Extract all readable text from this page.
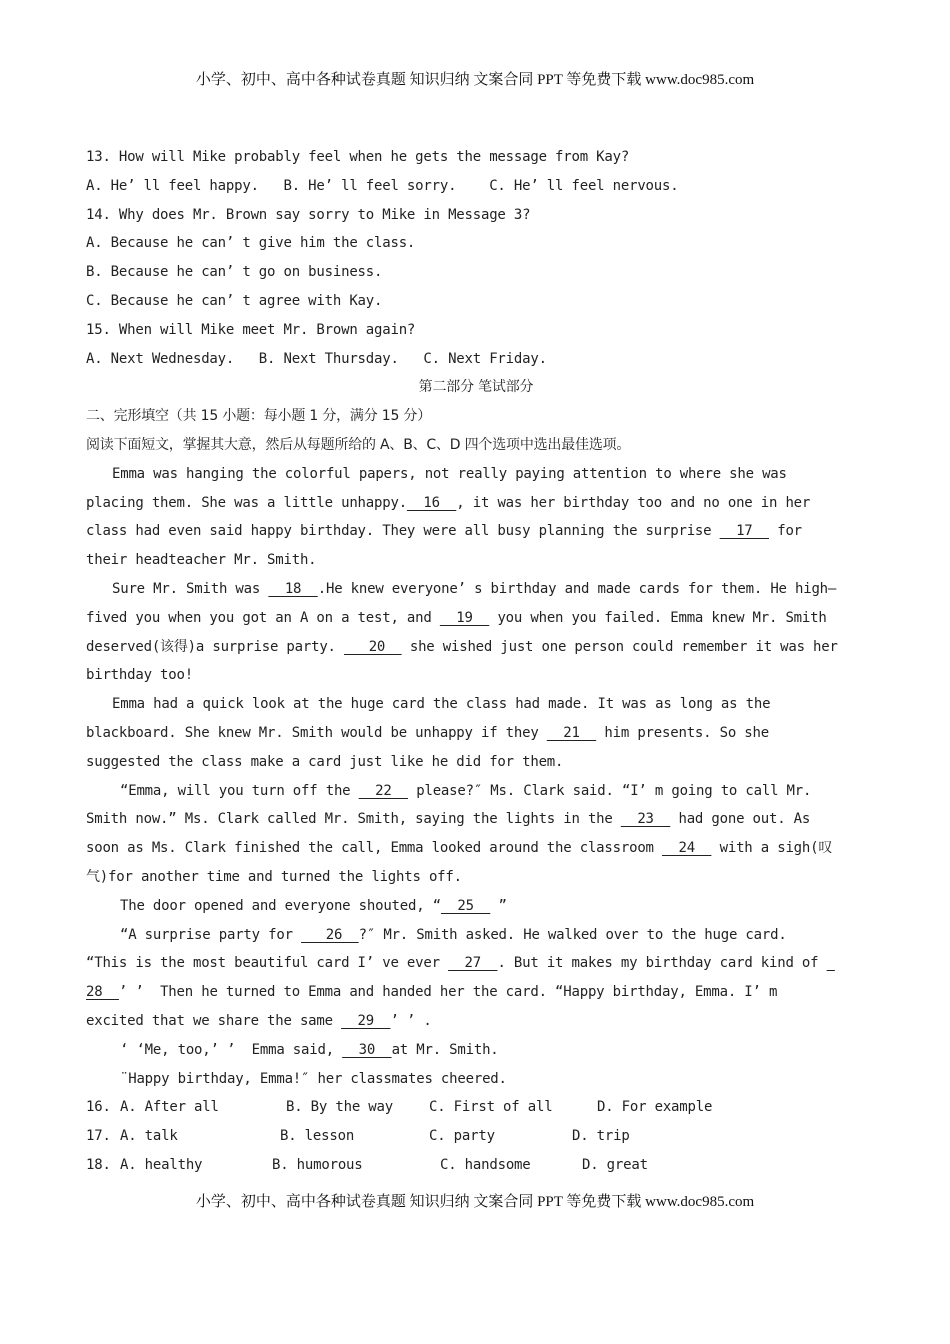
小学、初中、高中各种试卷真题 知识归纳 文案合同 PPT 等免费下载 www.doc985.com
13. How will Mike probably feel when he gets the message from Kay?
A. He’ ll feel happy.   B. He’ ll feel sorry.    C. He’ ll feel nervous.
14. Why does Mr. Brown say sorry to Mike in Message 3?
A. Because he can’ t give him the class.
B. Because he can’ t go on business.
C. Because he can’ t agree with Kay.
15. When will Mike meet Mr. Brown again?
A. Next Wednesday.   B. Next Thursday.   C. Next Friday.
第二部分 笔试部分
二、完形填空（共 15 小题：每小题 1 分，满分 15 分）
阅读下面短文，掌握其大意，然后从每题所给的 A、B、C、D 四个选项中选出最佳选项。
Emma was hanging the colorful papers, not really paying attention to where she was
placing them. She was a little unhappy.  16  , it was her birthday too and no one in her
class had even said happy birthday. They were all busy planning the surprise   17   for
their headteacher Mr. Smith.
Sure Mr. Smith was   18  .He knew everyone’ s birthday and made cards for them. He high—
fived you when you got an A on a test, and   19   you when you failed. Emma knew Mr. Smith
deserved(该得)a surprise party.    20   she wished just one person could remember it was her
birthday too!
Emma had a quick look at the huge card the class had made. It was as long as the
blackboard. She knew Mr. Smith would be unhappy if they   21   him presents. So she
suggested the class make a card just like he did for them.
“Emma, will you turn off the   22   please?″ Ms. Clark said. “I’ m going to call Mr.
Smith now.” Ms. Clark called Mr. Smith, saying the lights in the   23   had gone out. As
soon as Ms. Clark finished the call, Emma looked around the classroom   24   with a sigh(叹
气)for another time and turned the lights off.
The door opened and everyone shouted, “  25   ”
“A surprise party for    26  ?″ Mr. Smith asked. He walked over to the huge card.
“This is the most beautiful card I’ ve ever   27  . But it makes my birthday card kind of
28  ’ ’  Then he turned to Emma and handed her the card. “Happy birthday, Emma. I’ m
excited that we share the same   29  ’ ’ .
‘ ‘Me, too,’ ’  Emma said,   30  at Mr. Smith.
¨Happy birthday, Emma!″ her classmates cheered.
16. A. After all	B. By the way	C. First of all	D. For example
17. A. talk	B. lesson	C. party	D. trip
18. A. healthy	B. humorous	C. handsome	D. great
小学、初中、高中各种试卷真题 知识归纳 文案合同 PPT 等免费下载 www.doc985.com
